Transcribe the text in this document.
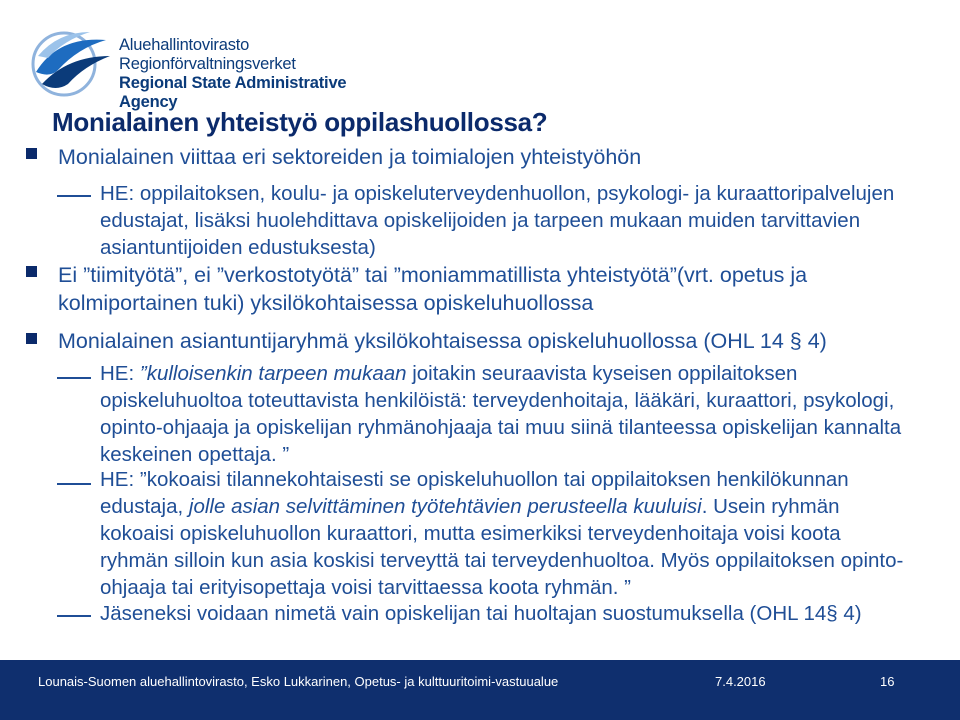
Aluehallintovirasto
Regionförvaltningsverket
Regional State Administrative Agency
Monialainen yhteistyö oppilashuollossa?
Monialainen viittaa eri sektoreiden ja toimialojen yhteistyöhön
HE: oppilaitoksen, koulu- ja opiskeluterveydenhuollon, psykologi- ja kuraattoripalvelujen
edustajat, lisäksi huolehdittava opiskelijoiden ja tarpeen mukaan muiden tarvittavien
asiantuntijoiden edustuksesta)
Ei ”tiimityötä”, ei ”verkostotyötä” tai ”moniammatillista yhteistyötä”(vrt. opetus ja
kolmiportainen tuki) yksilökohtaisessa opiskeluhuollossa
Monialainen asiantuntijaryhmä yksilökohtaisessa opiskeluhuollossa (OHL 14 § 4)
HE: ”kulloisenkin tarpeen mukaan joitakin seuraavista kyseisen oppilaitoksen
opiskeluhuoltoa toteuttavista henkilöistä: terveydenhoitaja, lääkäri, kuraattori, psykologi,
opinto-ohjaaja ja opiskelijan ryhmänohjaaja tai muu siinä tilanteessa opiskelijan kannalta
keskeinen opettaja. ”
HE: ”kokoaisi tilannekohtaisesti se opiskeluhuollon tai oppilaitoksen henkilökunnan
edustaja, jolle asian selvittäminen työtehtävien perusteella kuuluisi. Usein ryhmän
kokoaisi opiskeluhuollon kuraattori, mutta esimerkiksi terveydenhoitaja voisi koota
ryhmän silloin kun asia koskisi terveyttä tai terveydenhuoltoa. Myös oppilaitoksen opinto-
ohjaaja tai erityisopettaja voisi tarvittaessa koota ryhmän. ”
Jäseneksi voidaan nimetä vain opiskelijan tai huoltajan suostumuksella (OHL 14§ 4)
Lounais-Suomen aluehallintovirasto, Esko Lukkarinen, Opetus- ja kulttuuritoimi-vastuualue	7.4.2016	16
